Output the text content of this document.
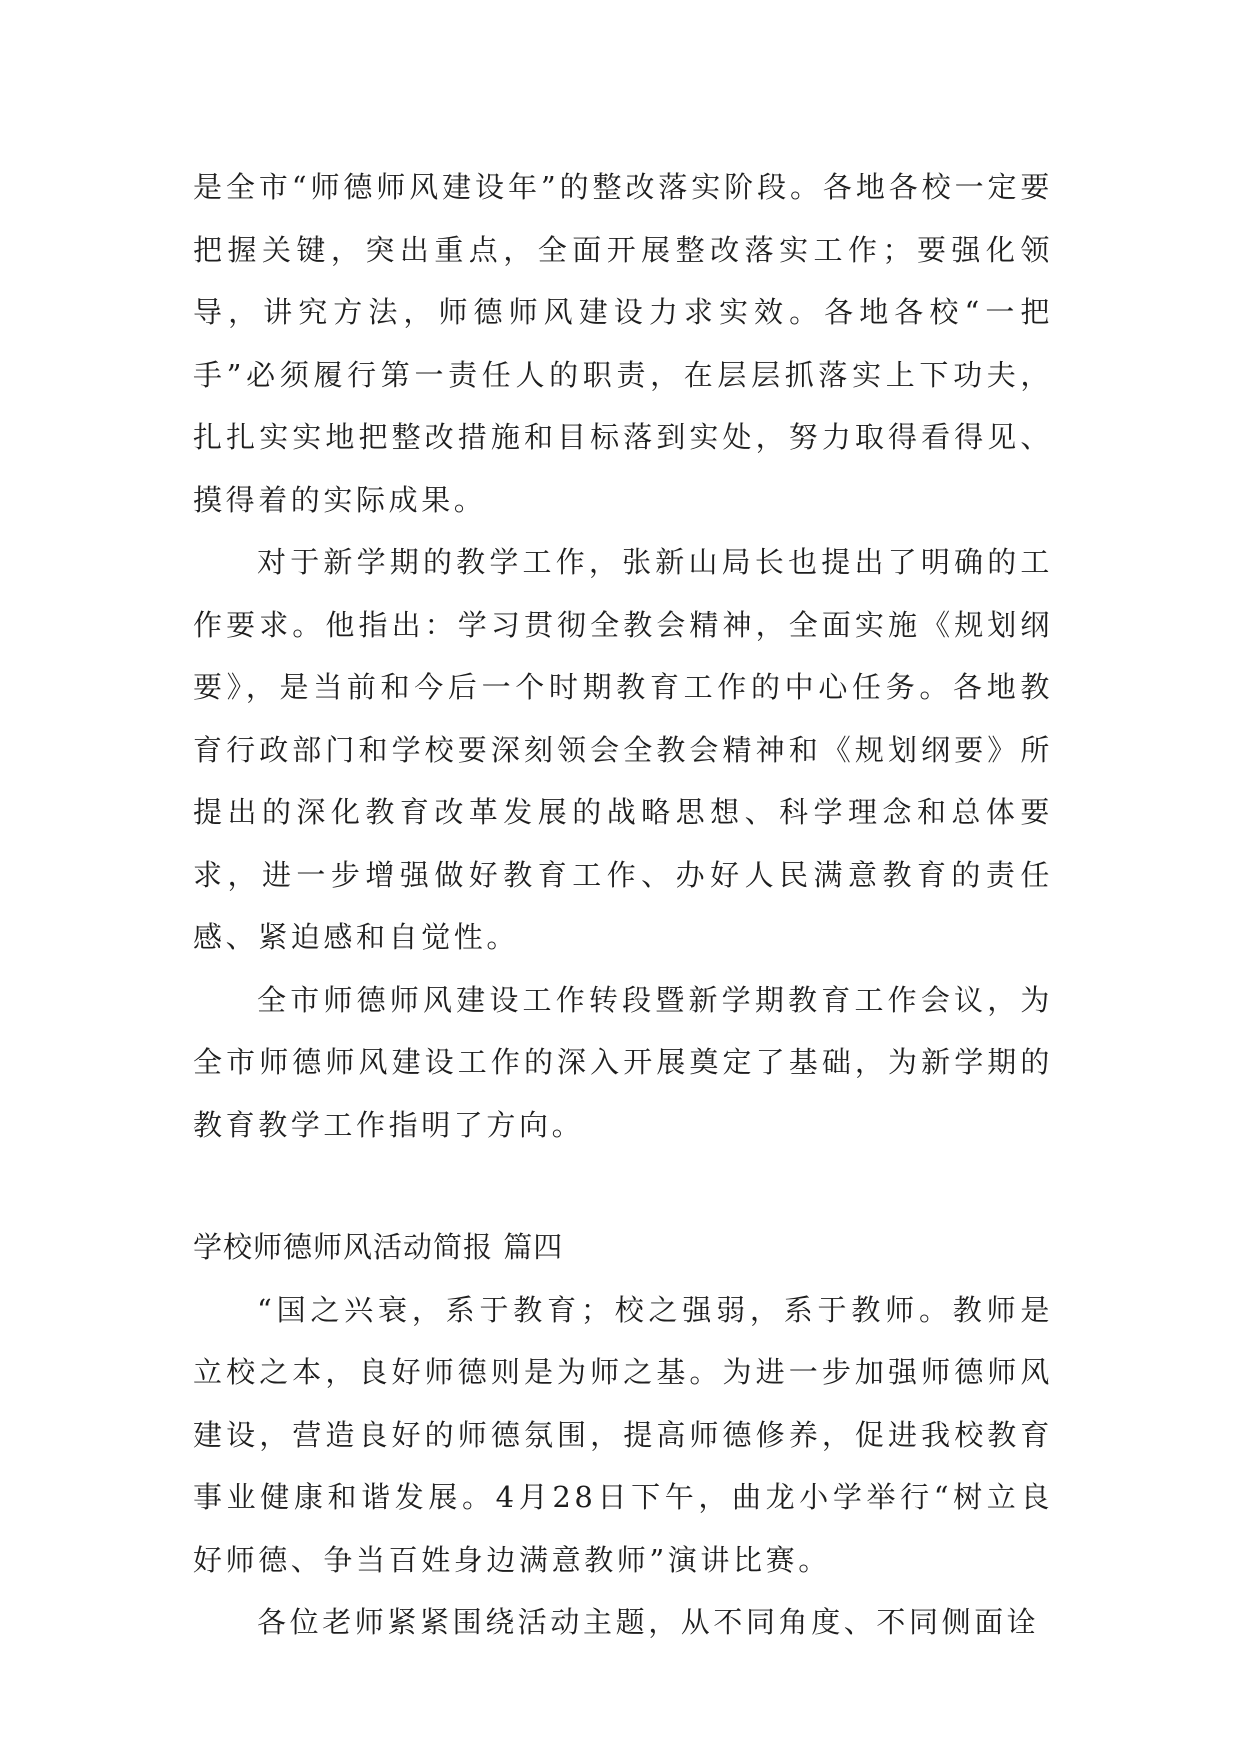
是全市“师德师风建设年”的整改落实阶段。各地各校一定要把握关键，突出重点，全面开展整改落实工作；要强化领导，讲究方法，师德师风建设力求实效。各地各校“一把手”必须履行第一责任人的职责，在层层抓落实上下功夫，扎扎实实地把整改措施和目标落到实处，努力取得看得见、摸得着的实际成果。

对于新学期的教学工作，张新山局长也提出了明确的工作要求。他指出：学习贯彻全教会精神，全面实施《规划纲要》，是当前和今后一个时期教育工作的中心任务。各地教育行政部门和学校要深刻领会全教会精神和《规划纲要》所提出的深化教育改革发展的战略思想、科学理念和总体要求，进一步增强做好教育工作、办好人民满意教育的责任感、紧迫感和自觉性。

全市师德师风建设工作转段暨新学期教育工作会议，为全市师德师风建设工作的深入开展奠定了基础，为新学期的教育教学工作指明了方向。

学校师德师风活动简报 篇四

“国之兴衰，系于教育；校之强弱，系于教师。教师是立校之本，良好师德则是为师之基。为进一步加强师德师风建设，营造良好的师德氛围，提高师德修养，促进我校教育事业健康和谐发展。4月28日下午，曲龙小学举行“树立良好师德、争当百姓身边满意教师”演讲比赛。

各位老师紧紧围绕活动主题，从不同角度、不同侧面诠
